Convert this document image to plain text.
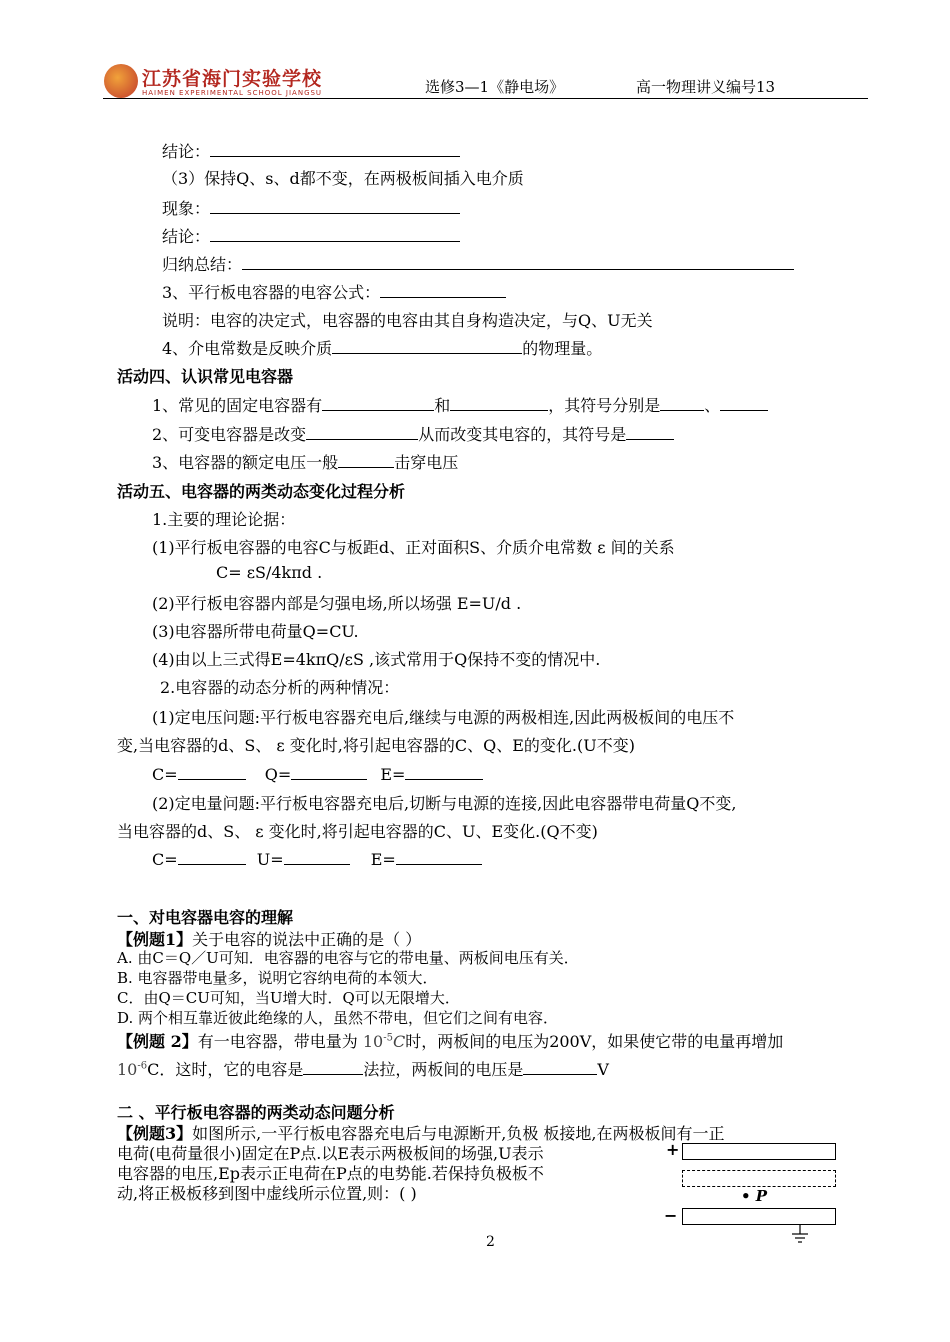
江苏省海门实验学校
HAIMEN EXPERIMENTAL SCHOOL JIANGSU	选修3—1《静电场》	高一物理讲义编号13
结论：
（3）保持Q、s、d都不变，在两极板间插入电介质
现象：
结论：
归纳总结：
3、平行板电容器的电容公式：
说明：电容的决定式，电容器的电容由其自身构造决定，与Q、U无关
4、介电常数是反映介质	的物理量。
活动四、认识常见电容器
1、常见的固定电容器有	和	，其符号分别是	、
2、可变电容器是改变	从而改变其电容的，其符号是
3、电容器的额定电压一般	击穿电压
活动五、电容器的两类动态变化过程分析
1.主要的理论论据：
(1)平行板电容器的电容C与板距d、正对面积S、介质介电常数 ε 间的关系
C= εS/4kπd .
(2)平行板电容器内部是匀强电场,所以场强 E=U/d .
(3)电容器所带电荷量Q=CU.
(4)由以上三式得E=4kπQ/εS ,该式常用于Q保持不变的情况中.
2.电容器的动态分析的两种情况：
(1)定电压问题:平行板电容器充电后,继续与电源的两极相连,因此两极板间的电压不
变,当电容器的d、S、 ε 变化时,将引起电容器的C、Q、E的变化.(U不变)
C=	Q=	E=
(2)定电量问题:平行板电容器充电后,切断与电源的连接,因此电容器带电荷量Q不变,
当电容器的d、S、 ε 变化时,将引起电容器的C、U、E变化.(Q不变)
C=	U=	E=
一、对电容器电容的理解
【例题1】关于电容的说法中正确的是（ ）
A. 由C＝Q／U可知．电容器的电容与它的带电量、两板间电压有关．
B. 电容器带电量多，说明它容纳电荷的本领大．
C．由Q＝CU可知，当U增大时．Q可以无限增大．
D. 两个相互靠近彼此绝缘的人，虽然不带电，但它们之间有电容．
【例题 2】有一电容器，带电量为 $10^{-5}C$时，两板间的电压为200V，如果使它带的电量再增加
$10^{-6}C$．这时，它的电容是	法拉，两板间的电压是	V
二 、平行板电容器的两类动态问题分析
【例题3】如图所示,一平行板电容器充电后与电源断开,负极 板接地,在两极板间有一正
电荷(电荷量很小)固定在P点.以E表示两极板间的场强,U表示
电容器的电压,Ep表示正电荷在P点的电势能.若保持负极板不
动,将正极板移到图中虚线所示位置,则：( )
+
• P
−
2
